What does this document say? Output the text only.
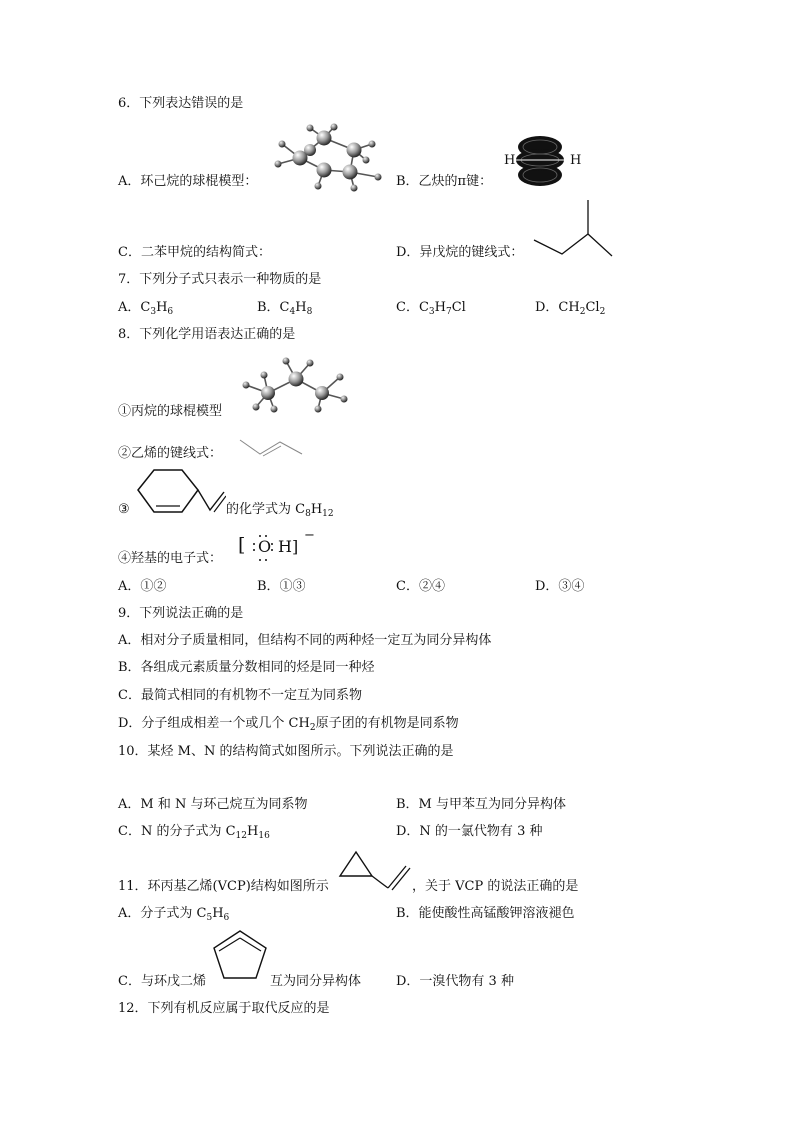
6．下列表达错误的是
A．环己烷的球棍模型：	B．乙炔的π键：
H	H
C．二苯甲烷的结构简式：	D．异戊烷的键线式：
7．下列分子式只表示一种物质的是
A．$C_3H_6$	B．$C_4H_8$	C．$C_3H_7Cl$	D．$CH_2Cl_2$
8．下列化学用语表达正确的是
①丙烷的球棍模型
②乙烯的键线式：
③	的化学式为 $C_8H_{12}$
④羟基的电子式：
[ O H]
−
A．①②	B．①③	C．②④	D．③④
9．下列说法正确的是
A．相对分子质量相同，但结构不同的两种烃一定互为同分异构体
B．各组成元素质量分数相同的烃是同一种烃
C．最简式相同的有机物不一定互为同系物
D．分子组成相差一个或几个 $CH_2$原子团的有机物是同系物
10．某烃 M、N 的结构简式如图所示。下列说法正确的是
A．M 和 N 与环己烷互为同系物	B．M 与甲苯互为同分异构体
C．N 的分子式为 $C_{12}H_{16}$	D．N 的一氯代物有 3 种
11．环丙基乙烯(VCP)结构如图所示	，关于 VCP 的说法正确的是
A．分子式为 $C_5H_6$	B．能使酸性高锰酸钾溶液褪色
C．与环戊二烯	互为同分异构体	D．一溴代物有 3 种
12．下列有机反应属于取代反应的是
